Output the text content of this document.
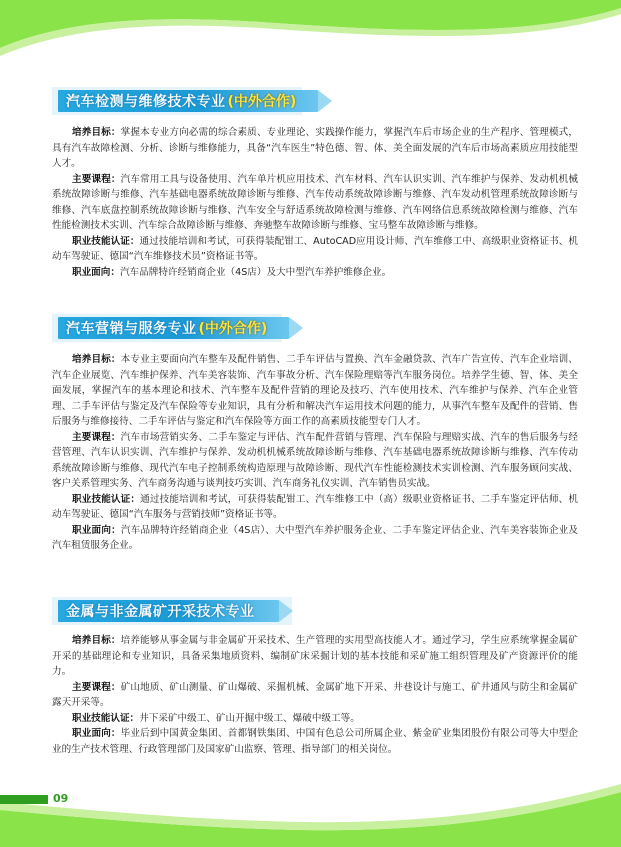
09
汽车检测与维修技术专业 (中外合作)

培养目标：掌握本专业方向必需的综合素质、专业理论、实践操作能力，掌握汽车后市场企业的生产程序、管理模式，具有汽车故障检测、分析、诊断与维修能力，具备“汽车医生”特色德、智、体、美全面发展的汽车后市场高素质应用技能型人才。

主要课程：汽车常用工具与设备使用、汽车单片机应用技术、汽车材料、汽车认识实训、汽车维护与保养、发动机机械系统故障诊断与维修、汽车基础电器系统故障诊断与维修、汽车传动系统故障诊断与维修、汽车发动机管理系统故障诊断与维修、汽车底盘控制系统故障诊断与维修、汽车安全与舒适系统故障检测与维修、汽车网络信息系统故障检测与维修、汽车性能检测技术实训、汽车综合故障诊断与维修、奔驰整车故障诊断与维修、宝马整车故障诊断与维修。

职业技能认证：通过技能培训和考试，可获得装配钳工、AutoCAD应用设计师、汽车维修工中、高级职业资格证书、机动车驾驶证、德国“汽车维修技术员”资格证书等。

职业面向：汽车品牌特许经销商企业（4S店）及大中型汽车养护维修企业。

汽车营销与服务专业 (中外合作)

培养目标：本专业主要面向汽车整车及配件销售、二手车评估与置换、汽车金融贷款、汽车广告宣传、汽车企业培训、汽车企业展览、汽车维护保养、汽车美容装饰、汽车事故分析、汽车保险理赔等汽车服务岗位。培养学生德、智、体、美全面发展，掌握汽车的基本理论和技术、汽车整车及配件营销的理论及技巧、汽车使用技术、汽车维护与保养、汽车企业管理、二手车评估与鉴定及汽车保险等专业知识，具有分析和解决汽车运用技术问题的能力，从事汽车整车及配件的营销、售后服务与维修接待、二手车评估与鉴定和汽车保险等方面工作的高素质技能型专门人才。

主要课程：汽车市场营销实务、二手车鉴定与评估、汽车配件营销与管理、汽车保险与理赔实战、汽车的售后服务与经营管理、汽车认识实训、汽车维护与保养、发动机机械系统故障诊断与维修、汽车基础电器系统故障诊断与维修、汽车传动系统故障诊断与维修、现代汽车电子控制系统构造原理与故障诊断、现代汽车性能检测技术实训检测、汽车服务顾问实战、客户关系管理实务、汽车商务沟通与谈判技巧实训、汽车商务礼仪实训、汽车销售员实战。

职业技能认证：通过技能培训和考试，可获得装配钳工、汽车维修工中（高）级职业资格证书、二手车鉴定评估师、机动车驾驶证、德国“汽车服务与营销技师”资格证书等。

职业面向：汽车品牌特许经销商企业（4S店）、大中型汽车养护服务企业、二手车鉴定评估企业、汽车美容装饰企业及汽车租赁服务企业。

金属与非金属矿开采技术专业

培养目标：培养能够从事金属与非金属矿开采技术、生产管理的实用型高技能人才。通过学习，学生应系统掌握金属矿开采的基础理论和专业知识，具备采集地质资料、编制矿床采掘计划的基本技能和采矿施工组织管理及矿产资源评价的能力。

主要课程：矿山地质、矿山测量、矿山爆破、采掘机械、金属矿地下开采、井巷设计与施工、矿井通风与防尘和金属矿露天开采等。

职业技能认证：井下采矿中级工、矿山开掘中级工、爆破中级工等。

职业面向：毕业后到中国黄金集团、首都钢铁集团、中国有色总公司所属企业、紫金矿业集团股份有限公司等大中型企业的生产技术管理、行政管理部门及国家矿山监察、管理、指导部门的相关岗位。
